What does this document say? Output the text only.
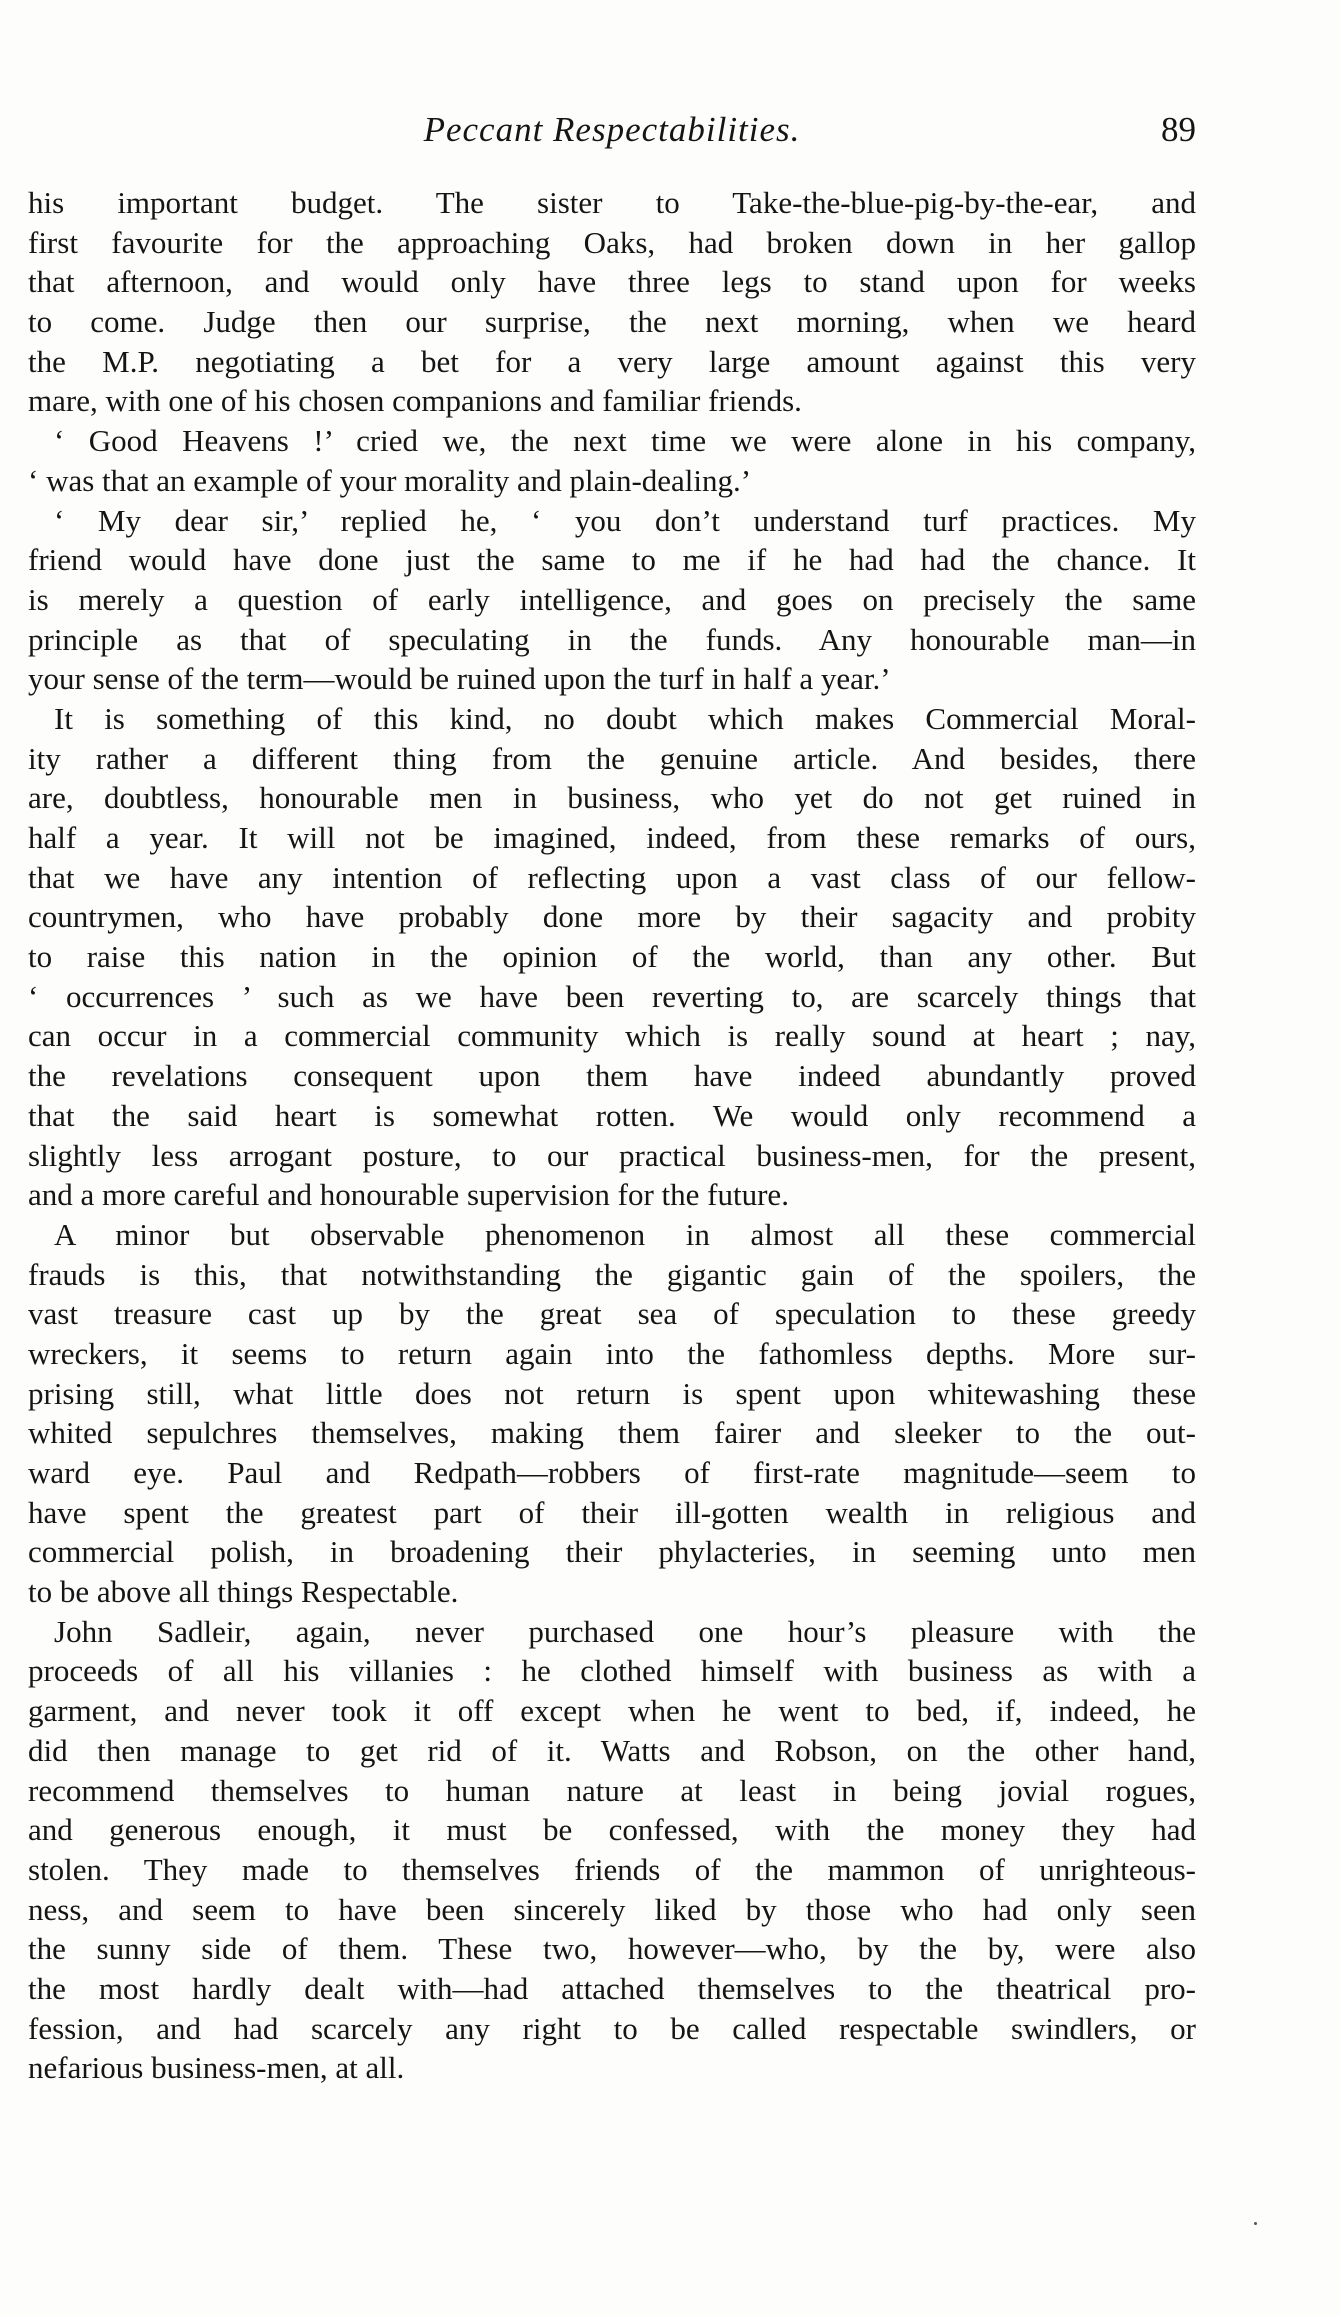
Peccant Respectabilities.	89
his important budget. The sister to Take-the-blue-pig-by-the-ear, and
first favourite for the approaching Oaks, had broken down in her gallop
that afternoon, and would only have three legs to stand upon for weeks
to come. Judge then our surprise, the next morning, when we heard
the M.P. negotiating a bet for a very large amount against this very
mare, with one of his chosen companions and familiar friends.
‘ Good Heavens !’ cried we, the next time we were alone in his company,
‘ was that an example of your morality and plain-dealing.’
‘ My dear sir,’ replied he, ‘ you don’t understand turf practices. My
friend would have done just the same to me if he had had the chance. It
is merely a question of early intelligence, and goes on precisely the same
principle as that of speculating in the funds. Any honourable man—in
your sense of the term—would be ruined upon the turf in half a year.’
It is something of this kind, no doubt which makes Commercial Moral-
ity rather a different thing from the genuine article. And besides, there
are, doubtless, honourable men in business, who yet do not get ruined in
half a year. It will not be imagined, indeed, from these remarks of ours,
that we have any intention of reflecting upon a vast class of our fellow-
countrymen, who have probably done more by their sagacity and probity
to raise this nation in the opinion of the world, than any other. But
‘ occurrences ’ such as we have been reverting to, are scarcely things that
can occur in a commercial community which is really sound at heart ; nay,
the revelations consequent upon them have indeed abundantly proved
that the said heart is somewhat rotten. We would only recommend a
slightly less arrogant posture, to our practical business-men, for the present,
and a more careful and honourable supervision for the future.
A minor but observable phenomenon in almost all these commercial
frauds is this, that notwithstanding the gigantic gain of the spoilers, the
vast treasure cast up by the great sea of speculation to these greedy
wreckers, it seems to return again into the fathomless depths. More sur-
prising still, what little does not return is spent upon whitewashing these
whited sepulchres themselves, making them fairer and sleeker to the out-
ward eye. Paul and Redpath—robbers of first-rate magnitude—seem to
have spent the greatest part of their ill-gotten wealth in religious and
commercial polish, in broadening their phylacteries, in seeming unto men
to be above all things Respectable.
John Sadleir, again, never purchased one hour’s pleasure with the
proceeds of all his villanies : he clothed himself with business as with a
garment, and never took it off except when he went to bed, if, indeed, he
did then manage to get rid of it. Watts and Robson, on the other hand,
recommend themselves to human nature at least in being jovial rogues,
and generous enough, it must be confessed, with the money they had
stolen. They made to themselves friends of the mammon of unrighteous-
ness, and seem to have been sincerely liked by those who had only seen
the sunny side of them. These two, however—who, by the by, were also
the most hardly dealt with—had attached themselves to the theatrical pro-
fession, and had scarcely any right to be called respectable swindlers, or
nefarious business-men, at all.
